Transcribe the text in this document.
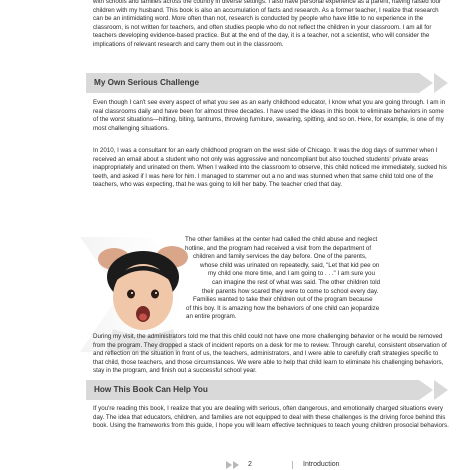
with schools and families across the country in diverse settings. I also have personal experience as a parent, having raised four children with my husband. This book is also an accumulation of facts and research. As a former teacher, I realize that research can be an intimidating word. More often than not, research is conducted by people who have little to no experience in the classroom, is not written for teachers, and often studies people who do not reflect the children in your classroom. I am all for teachers developing evidence-based practice. But at the end of the day, it is a teacher, not a scientist, who will consider the implications of relevant research and carry them out in the classroom.

My Own Serious Challenge

Even though I can't see every aspect of what you see as an early childhood educator, I know what you are going through. I am in real classrooms daily and have been for almost three decades. I have used the ideas in this book to eliminate behaviors in some of the worst situations—hitting, biting, tantrums, throwing furniture, swearing, spitting, and so on. Here, for example, is one of my most challenging situations.

In 2010, I was a consultant for an early childhood program on the west side of Chicago. It was the dog days of summer when I received an email about a student who not only was aggressive and noncompliant but also touched students' private areas inappropriately and urinated on them. When I walked into the classroom to observe, this child noticed me immediately, sucked his teeth, and asked if I was here for him. I managed to stammer out a no and was stunned when that same child told one of the teachers, who was expecting, that he was going to kill her baby. The teacher cried that day.

The other families at the center had called the child abuse and neglect
hotline, and the program had received a visit from the department of
children and family services the day before. One of the parents,
whose child was urinated on repeatedly, said, "Let that kid pee on
my child one more time, and I am going to . . ." I am sure you
can imagine the rest of what was said. The other children told
their parents how scared they were to come to school every day.
Families wanted to take their children out of the program because
of this boy. It is amazing how the behaviors of one child can jeopardize
an entire program.

During my visit, the administrators told me that this child could not have one more challenging behavior or he would be removed from the program. They dropped a stack of incident reports on a desk for me to review. Through careful, consistent observation of and reflection on the situation in front of us, the teachers, administrators, and I were able to carefully craft strategies specific to that child, those teachers, and those circumstances. We were able to help that child learn to eliminate his challenging behaviors, stay in the program, and finish out a successful school year.

How This Book Can Help You

If you're reading this book, I realize that you are dealing with serious, often dangerous, and emotionally charged situations every day. The idea that educators, children, and families are not equipped to deal with these challenges is the driving force behind this book. Using the frameworks from this guide, I hope you will learn effective techniques to teach young children prosocial behaviors.

2	Introduction
